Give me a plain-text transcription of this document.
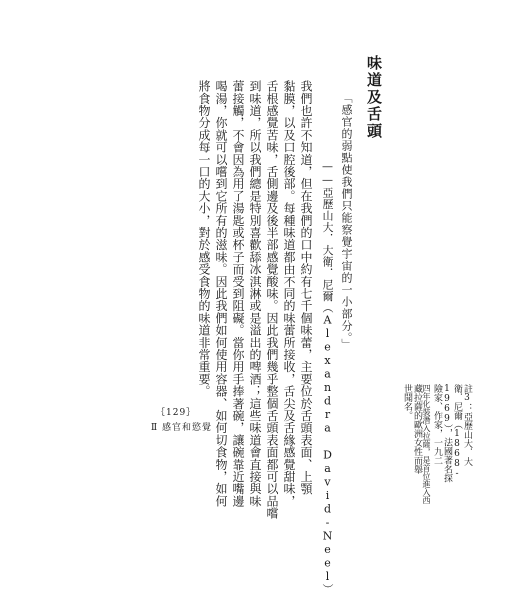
味道及舌頭
「感官的弱點使我們只能察覺宇宙的一小部分。」
——亞歷山大．大衛．尼爾（Alexandra David-Neel）
我們也許不知道，但在我們的口中約有七千個味蕾，主要位於舌頭表面、上顎
黏膜，以及口腔後部。每種味道都由不同的味蕾所接收，舌尖及舌緣感覺甜味，
舌根感覺苦味，舌側邊及後半部感覺酸味。因此我們幾乎整個舌頭表面都可以品嚐
到味道，所以我們總是特別喜歡舔冰淇淋或是溢出的啤酒；這些味道會直接與味
蕾接觸，不會因為用了湯匙或杯子而受到阻礙。當你用手捧著碗，讓碗靠近嘴邊
喝湯，你就可以嚐到它所有的滋味。因此我們如何使用容器、如何切食物，如何
將食物分成每一口的大小，對於感受食物的味道非常重要。
註3：亞歷山大．大
衛．尼爾（1868-
1969），法國著名探
險家、作家，一九二
四年化裝潛入拉薩，是首位進入西
藏拉薩的歐洲女性而舉
世聞名。
｛129｝
Ⅱ 感官和慾覺
